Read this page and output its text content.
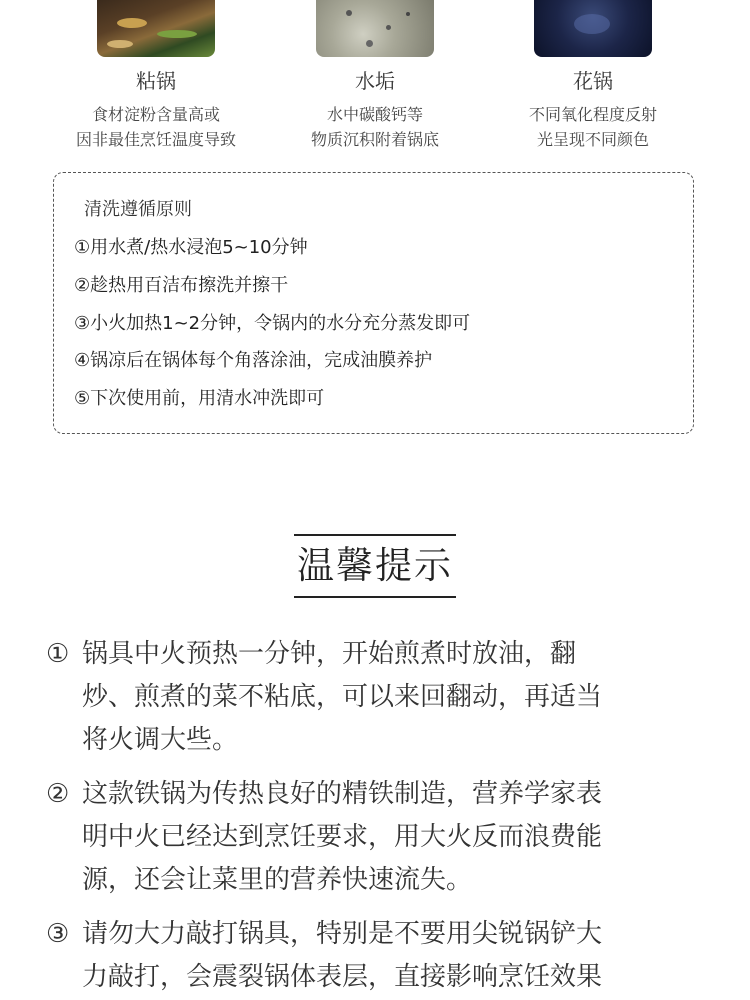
粘锅
食材淀粉含量高或
因非最佳烹饪温度导致
水垢
水中碳酸钙等
物质沉积附着锅底
花锅
不同氧化程度反射
光呈现不同颜色
清洗遵循原则
①用水煮/热水浸泡5~10分钟
②趁热用百洁布擦洗并擦干
③小火加热1~2分钟，令锅内的水分充分蒸发即可
④锅凉后在锅体每个角落涂油，完成油膜养护
⑤下次使用前，用清水冲洗即可
温馨提示
① 锅具中火预热一分钟，开始煎煮时放油，翻
炒、煎煮的菜不粘底，可以来回翻动，再适当
将火调大些。
② 这款铁锅为传热良好的精铁制造，营养学家表
明中火已经达到烹饪要求，用大火反而浪费能
源，还会让菜里的营养快速流失。
③ 请勿大力敲打锅具，特别是不要用尖锐锅铲大
力敲打，会震裂锅体表层，直接影响烹饪效果
